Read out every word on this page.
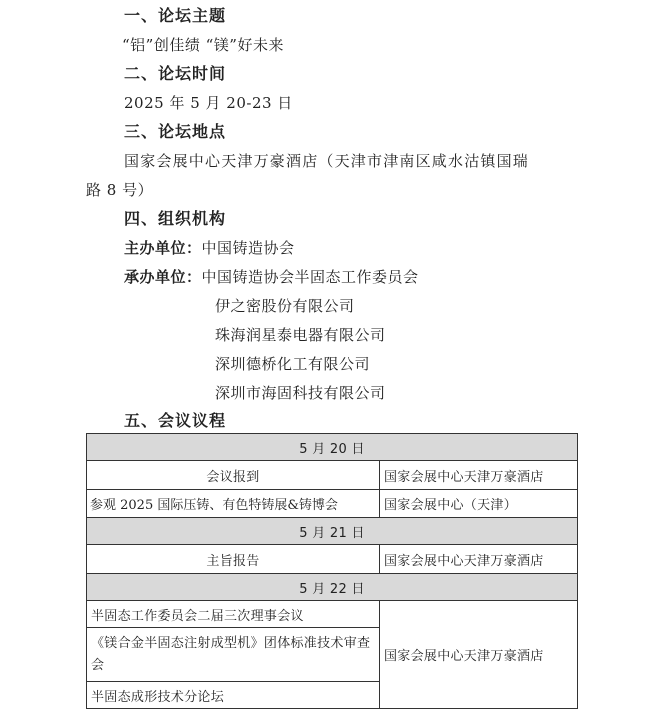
一、论坛主题
“铝”创佳绩 “镁”好未来
二、论坛时间
2025 年 5 月 20-23 日
三、论坛地点
国家会展中心天津万豪酒店（天津市津南区咸水沽镇国瑞
路 8 号）
四、组织机构
主办单位：中国铸造协会
承办单位：中国铸造协会半固态工作委员会
伊之密股份有限公司
珠海润星泰电器有限公司
深圳德桥化工有限公司
深圳市海固科技有限公司
五、会议议程
5 月 20 日	
会议报到	国家会展中心天津万豪酒店
参观 2025 国际压铸、有色特铸展&铸博会	国家会展中心（天津）
5 月 21 日	
主旨报告	国家会展中心天津万豪酒店
5 月 22 日	
半固态工作委员会二届三次理事会议	国家会展中心天津万豪酒店
《镁合金半固态注射成型机》团体标准技术审查会	
半固态成形技术分论坛	
